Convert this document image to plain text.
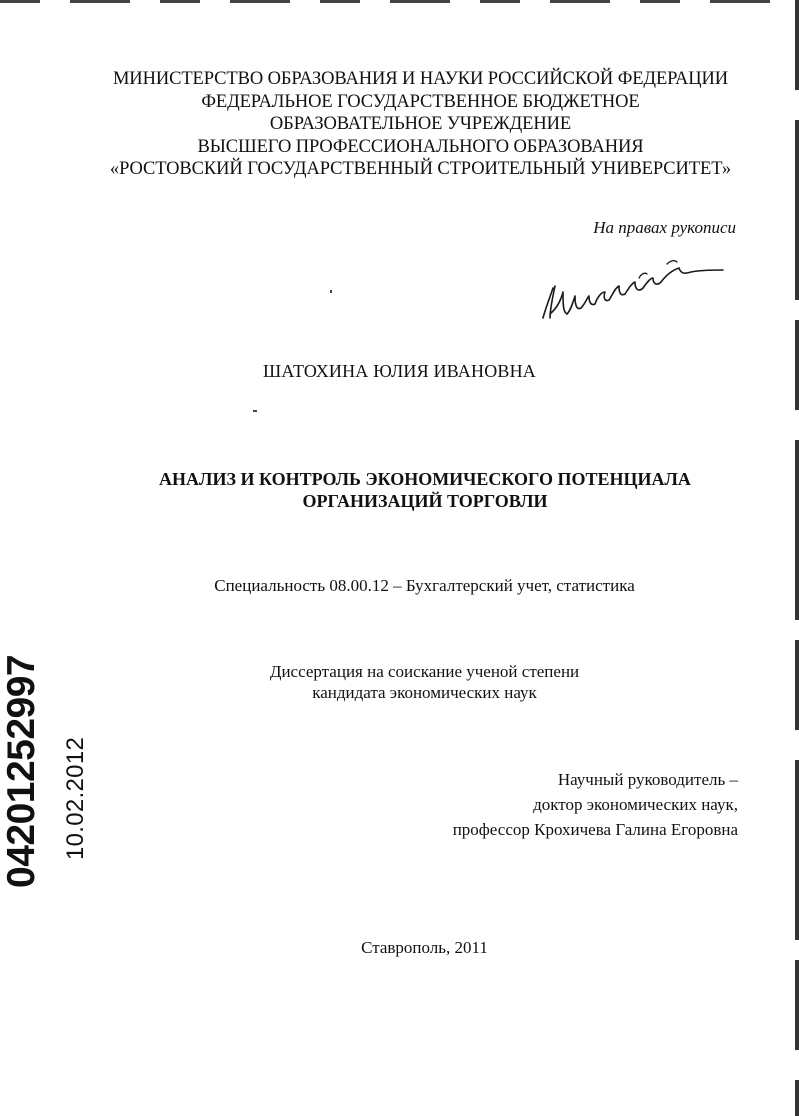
МИНИСТЕРСТВО ОБРАЗОВАНИЯ И НАУКИ РОССИЙСКОЙ ФЕДЕРАЦИИ
ФЕДЕРАЛЬНОЕ ГОСУДАРСТВЕННОЕ БЮДЖЕТНОЕ
ОБРАЗОВАТЕЛЬНОЕ УЧРЕЖДЕНИЕ
ВЫСШЕГО ПРОФЕССИОНАЛЬНОГО ОБРАЗОВАНИЯ
«РОСТОВСКИЙ ГОСУДАРСТВЕННЫЙ СТРОИТЕЛЬНЫЙ УНИВЕРСИТЕТ»
На правах рукописи
ШАТОХИНА ЮЛИЯ ИВАНОВНА
АНАЛИЗ И КОНТРОЛЬ ЭКОНОМИЧЕСКОГО ПОТЕНЦИАЛА
ОРГАНИЗАЦИЙ ТОРГОВЛИ
Специальность 08.00.12 – Бухгалтерский учет, статистика
Диссертация на соискание ученой степени
кандидата экономических наук
Научный руководитель –
доктор экономических наук,
профессор Крохичева Галина Егоровна
Ставрополь, 2011
04201252997 10.02.2012
